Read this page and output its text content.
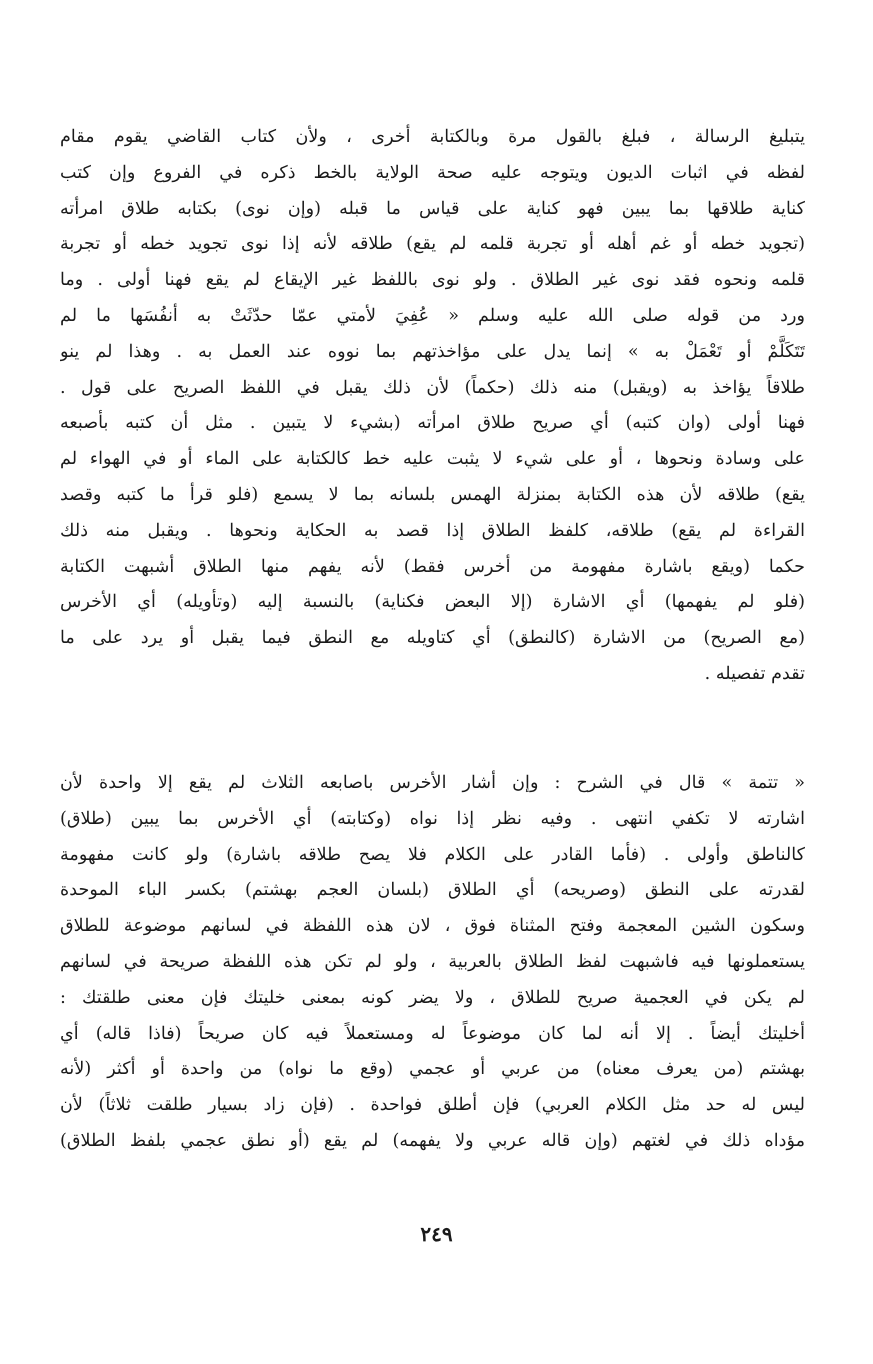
يتبليغ الرسالة ، فبلغ بالقول مرة وبالكتابة أخرى ، ولأن كتاب القاضي يقوم مقام
لفظه في اثبات الديون ويتوجه عليه صحة الولاية بالخط ذكره في الفروع وإن كتب
كناية طلاقها بما يبين فهو كناية على قياس ما قبله (وإن نوى) بكتابه طلاق امرأته
(تجويد خطه أو غم أهله أو تجربة قلمه لم يقع) طلاقه لأنه إذا نوى تجويد خطه أو تجربة
قلمه ونحوه فقد نوى غير الطلاق . ولو نوى باللفظ غير الإيقاع لم يقع فهنا أولى . وما
ورد من قوله صلى الله عليه وسلم « عُفِيَ لأمتي عمّا حدّثَتْ به أنفُسَها ما لم
تَتَكَلَّمْ أو تَعْمَلْ به » إنما يدل على مؤاخذتهم بما نووه عند العمل به . وهذا لم ينو
طلاقاً يؤاخذ به (ويقبل) منه ذلك (حكماً) لأن ذلك يقبل في اللفظ الصريح على قول .
فهنا أولى (وان كتبه) أي صريح طلاق امرأته (بشيء لا يتبين . مثل أن كتبه بأصبعه
على وسادة ونحوها ، أو على شيء لا يثبت عليه خط كالكتابة على الماء أو في الهواء لم
يقع) طلاقه لأن هذه الكتابة بمنزلة الهمس بلسانه بما لا يسمع (فلو قرأ ما كتبه وقصد
القراءة لم يقع) طلاقه، كلفظ الطلاق إذا قصد به الحكاية ونحوها . ويقبل منه ذلك
حكما (ويقع باشارة مفهومة من أخرس فقط) لأنه يفهم منها الطلاق أشبهت الكتابة
(فلو لم يفهمها) أي الاشارة (إلا البعض فكناية) بالنسبة إليه (وتأويله) أي الأخرس
(مع الصريح) من الاشارة (كالنطق) أي كتاويله مع النطق فيما يقبل أو يرد على ما
تقدم تفصيله .
« تتمة » قال في الشرح : وإن أشار الأخرس باصابعه الثلاث لم يقع إلا واحدة لأن
اشارته لا تكفي انتهى . وفيه نظر إذا نواه (وكتابته) أي الأخرس بما يبين (طلاق)
كالناطق وأولى . (فأما القادر على الكلام فلا يصح طلاقه باشارة) ولو كانت مفهومة
لقدرته على النطق (وصريحه) أي الطلاق (بلسان العجم بهشتم) بكسر الباء الموحدة
وسكون الشين المعجمة وفتح المثناة فوق ، لان هذه اللفظة في لسانهم موضوعة للطلاق
يستعملونها فيه فاشبهت لفظ الطلاق بالعربية ، ولو لم تكن هذه اللفظة صريحة في لسانهم
لم يكن في العجمية صريح للطلاق ، ولا يضر كونه بمعنى خليتك فإن معنى طلقتك :
أخليتك أيضاً . إلا أنه لما كان موضوعاً له ومستعملاً فيه كان صريحاً (فاذا قاله) أي
بهشتم (من يعرف معناه) من عربي أو عجمي (وقع ما نواه) من واحدة أو أكثر (لأنه
ليس له حد مثل الكلام العربي) فإن أطلق فواحدة . (فإن زاد بسيار طلقت ثلاثاً) لأن
مؤداه ذلك في لغتهم (وإن قاله عربي ولا يفهمه) لم يقع (أو نطق عجمي بلفظ الطلاق)
٢٤٩
